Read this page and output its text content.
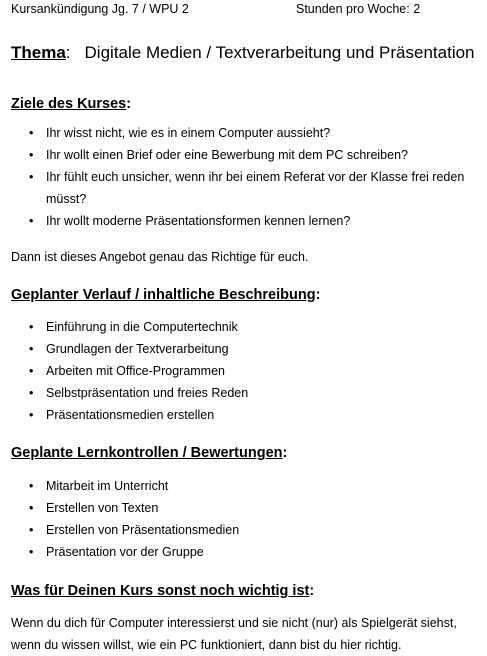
Kursankündigung Jg. 7 / WPU 2	Stunden pro Woche: 2
Thema: Digitale Medien / Textverarbeitung und Präsentation
Ziele des Kurses:
• Ihr wisst nicht, wie es in einem Computer aussieht?
• Ihr wollt einen Brief oder eine Bewerbung mit dem PC schreiben?
• Ihr fühlt euch unsicher, wenn ihr bei einem Referat vor der Klasse frei reden müsst?
• Ihr wollt moderne Präsentationsformen kennen lernen?
Dann ist dieses Angebot genau das Richtige für euch.
Geplanter Verlauf / inhaltliche Beschreibung:
• Einführung in die Computertechnik
• Grundlagen der Textverarbeitung
• Arbeiten mit Office-Programmen
• Selbstpräsentation und freies Reden
• Präsentationsmedien erstellen
Geplante Lernkontrollen / Bewertungen:
• Mitarbeit im Unterricht
• Erstellen von Texten
• Erstellen von Präsentationsmedien
• Präsentation vor der Gruppe
Was für Deinen Kurs sonst noch wichtig ist:
Wenn du dich für Computer interessierst und sie nicht (nur) als Spielgerät siehst, wenn du wissen willst, wie ein PC funktioniert, dann bist du hier richtig.
